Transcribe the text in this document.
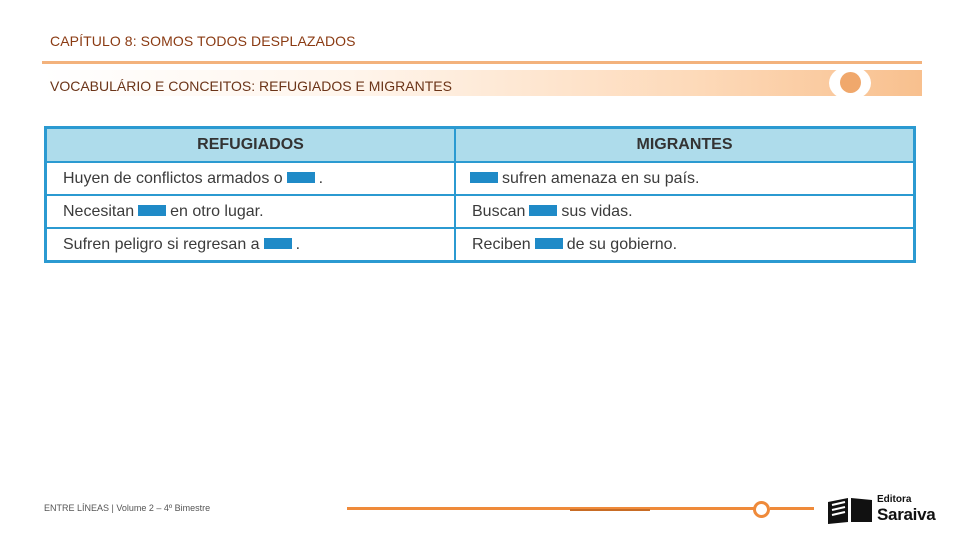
CAPÍTULO 8: SOMOS TODOS DESPLAZADOS
VOCABULÁRIO E CONCEITOS: REFUGIADOS E MIGRANTES
REFUGIADOS	MIGRANTES
Huyen de conflictos armados o .	sufren amenaza en su país.
Necesitan en otro lugar.	Buscan sus vidas.
Sufren peligro si regresan a .	Reciben de su gobierno.
ENTRE LÍNEAS | Volume 2 – 4º Bimestre
Editora
Saraiva
